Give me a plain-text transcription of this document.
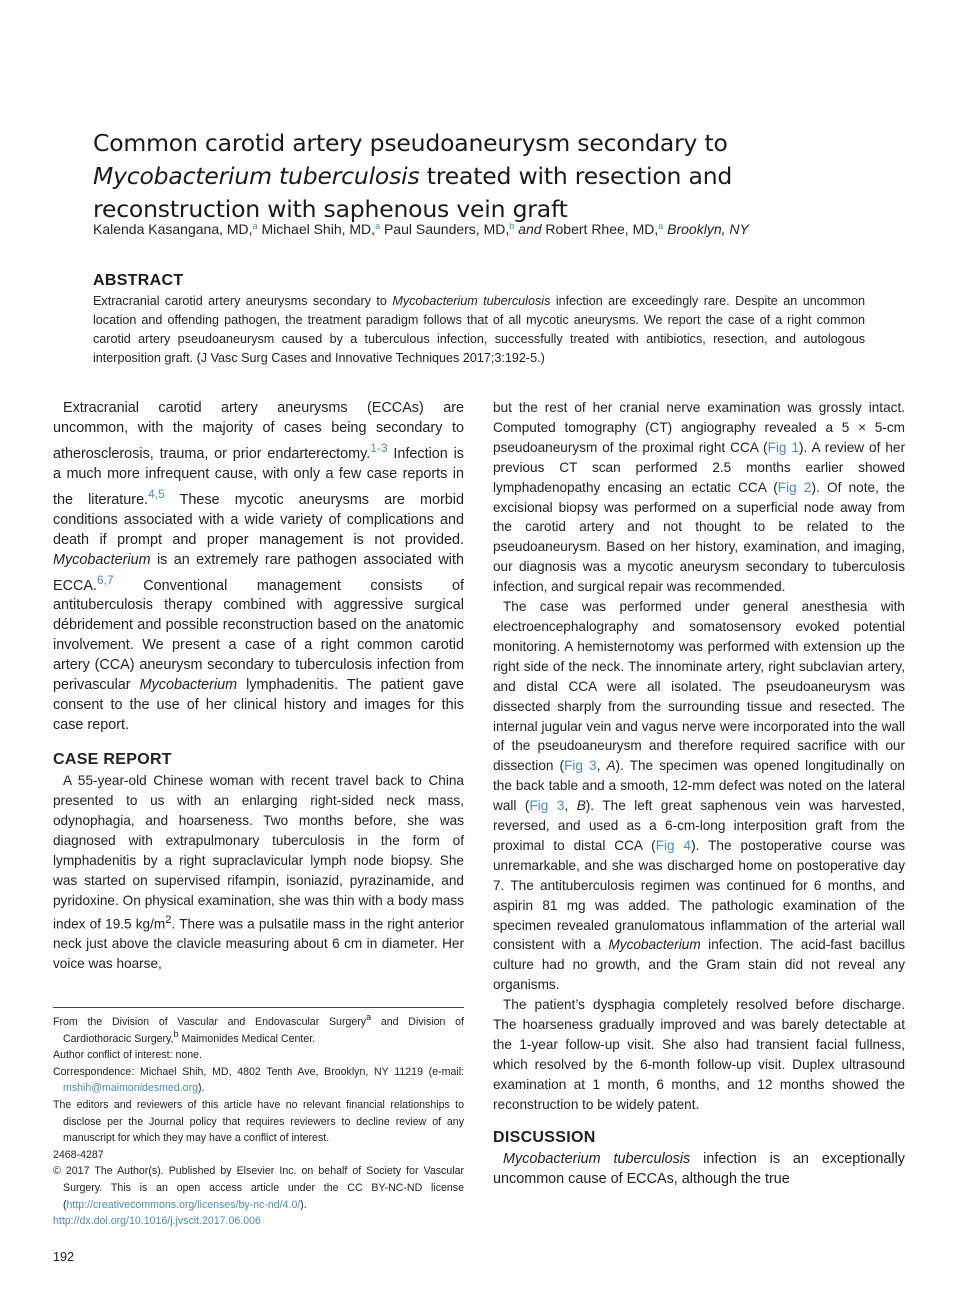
Common carotid artery pseudoaneurysm secondary to Mycobacterium tuberculosis treated with resection and reconstruction with saphenous vein graft
Kalenda Kasangana, MD,$^a$ Michael Shih, MD,$^a$ Paul Saunders, MD,$^b$ and Robert Rhee, MD,$^a$ Brooklyn, NY
ABSTRACT
Extracranial carotid artery aneurysms secondary to Mycobacterium tuberculosis infection are exceedingly rare. Despite an uncommon location and offending pathogen, the treatment paradigm follows that of all mycotic aneurysms. We report the case of a right common carotid artery pseudoaneurysm caused by a tuberculous infection, successfully treated with antibiotics, resection, and autologous interposition graft. (J Vasc Surg Cases and Innovative Techniques 2017;3:192-5.)

Extracranial carotid artery aneurysms (ECCAs) are uncommon, with the majority of cases being secondary to atherosclerosis, trauma, or prior endarterectomy.$^{1-3}$ Infection is a much more infrequent cause, with only a few case reports in the literature.$^{4,5}$ These mycotic aneurysms are morbid conditions associated with a wide variety of complications and death if prompt and proper management is not provided. Mycobacterium is an extremely rare pathogen associated with ECCA.$^{6,7}$ Conventional management consists of antituberculosis therapy combined with aggressive surgical débridement and possible reconstruction based on the anatomic involvement. We present a case of a right common carotid artery (CCA) aneurysm secondary to tuberculosis infection from perivascular Mycobacterium lymphadenitis. The patient gave consent to the use of her clinical history and images for this case report.

CASE REPORT

A 55-year-old Chinese woman with recent travel back to China presented to us with an enlarging right-sided neck mass, odynophagia, and hoarseness. Two months before, she was diagnosed with extrapulmonary tuberculosis in the form of lymphadenitis by a right supraclavicular lymph node biopsy. She was started on supervised rifampin, isoniazid, pyrazinamide, and pyridoxine. On physical examination, she was thin with a body mass index of 19.5 $kg/m^2$. There was a pulsatile mass in the right anterior neck just above the clavicle measuring about 6 cm in diameter. Her voice was hoarse,

From the Division of Vascular and Endovascular Surgery$^a$ and Division of Cardiothoracic Surgery,$^b$ Maimonides Medical Center.

Author conflict of interest: none.

Correspondence: Michael Shih, MD, 4802 Tenth Ave, Brooklyn, NY 11219 (e-mail: mshih@maimonidesmed.org).

The editors and reviewers of this article have no relevant financial relationships to disclose per the Journal policy that requires reviewers to decline review of any manuscript for which they may have a conflict of interest.

2468-4287

© 2017 The Author(s). Published by Elsevier Inc. on behalf of Society for Vascular Surgery. This is an open access article under the CC BY-NC-ND license (http://creativecommons.org/licenses/by-nc-nd/4.0/).

http://dx.doi.org/10.1016/j.jvscit.2017.06.006

192

but the rest of her cranial nerve examination was grossly intact. Computed tomography (CT) angiography revealed a 5 × 5-cm pseudoaneurysm of the proximal right CCA (Fig 1). A review of her previous CT scan performed 2.5 months earlier showed lymphadenopathy encasing an ectatic CCA (Fig 2). Of note, the excisional biopsy was performed on a superficial node away from the carotid artery and not thought to be related to the pseudoaneurysm. Based on her history, examination, and imaging, our diagnosis was a mycotic aneurysm secondary to tuberculosis infection, and surgical repair was recommended.

The case was performed under general anesthesia with electroencephalography and somatosensory evoked potential monitoring. A hemisternotomy was performed with extension up the right side of the neck. The innominate artery, right subclavian artery, and distal CCA were all isolated. The pseudoaneurysm was dissected sharply from the surrounding tissue and resected. The internal jugular vein and vagus nerve were incorporated into the wall of the pseudoaneurysm and therefore required sacrifice with our dissection (Fig 3, A). The specimen was opened longitudinally on the back table and a smooth, 12-mm defect was noted on the lateral wall (Fig 3, B). The left great saphenous vein was harvested, reversed, and used as a 6-cm-long interposition graft from the proximal to distal CCA (Fig 4). The postoperative course was unremarkable, and she was discharged home on postoperative day 7. The antituberculosis regimen was continued for 6 months, and aspirin 81 mg was added. The pathologic examination of the specimen revealed granulomatous inflammation of the arterial wall consistent with a Mycobacterium infection. The acid-fast bacillus culture had no growth, and the Gram stain did not reveal any organisms.

The patient’s dysphagia completely resolved before discharge. The hoarseness gradually improved and was barely detectable at the 1-year follow-up visit. She also had transient facial fullness, which resolved by the 6-month follow-up visit. Duplex ultrasound examination at 1 month, 6 months, and 12 months showed the reconstruction to be widely patent.

DISCUSSION

Mycobacterium tuberculosis infection is an exceptionally uncommon cause of ECCAs, although the true
